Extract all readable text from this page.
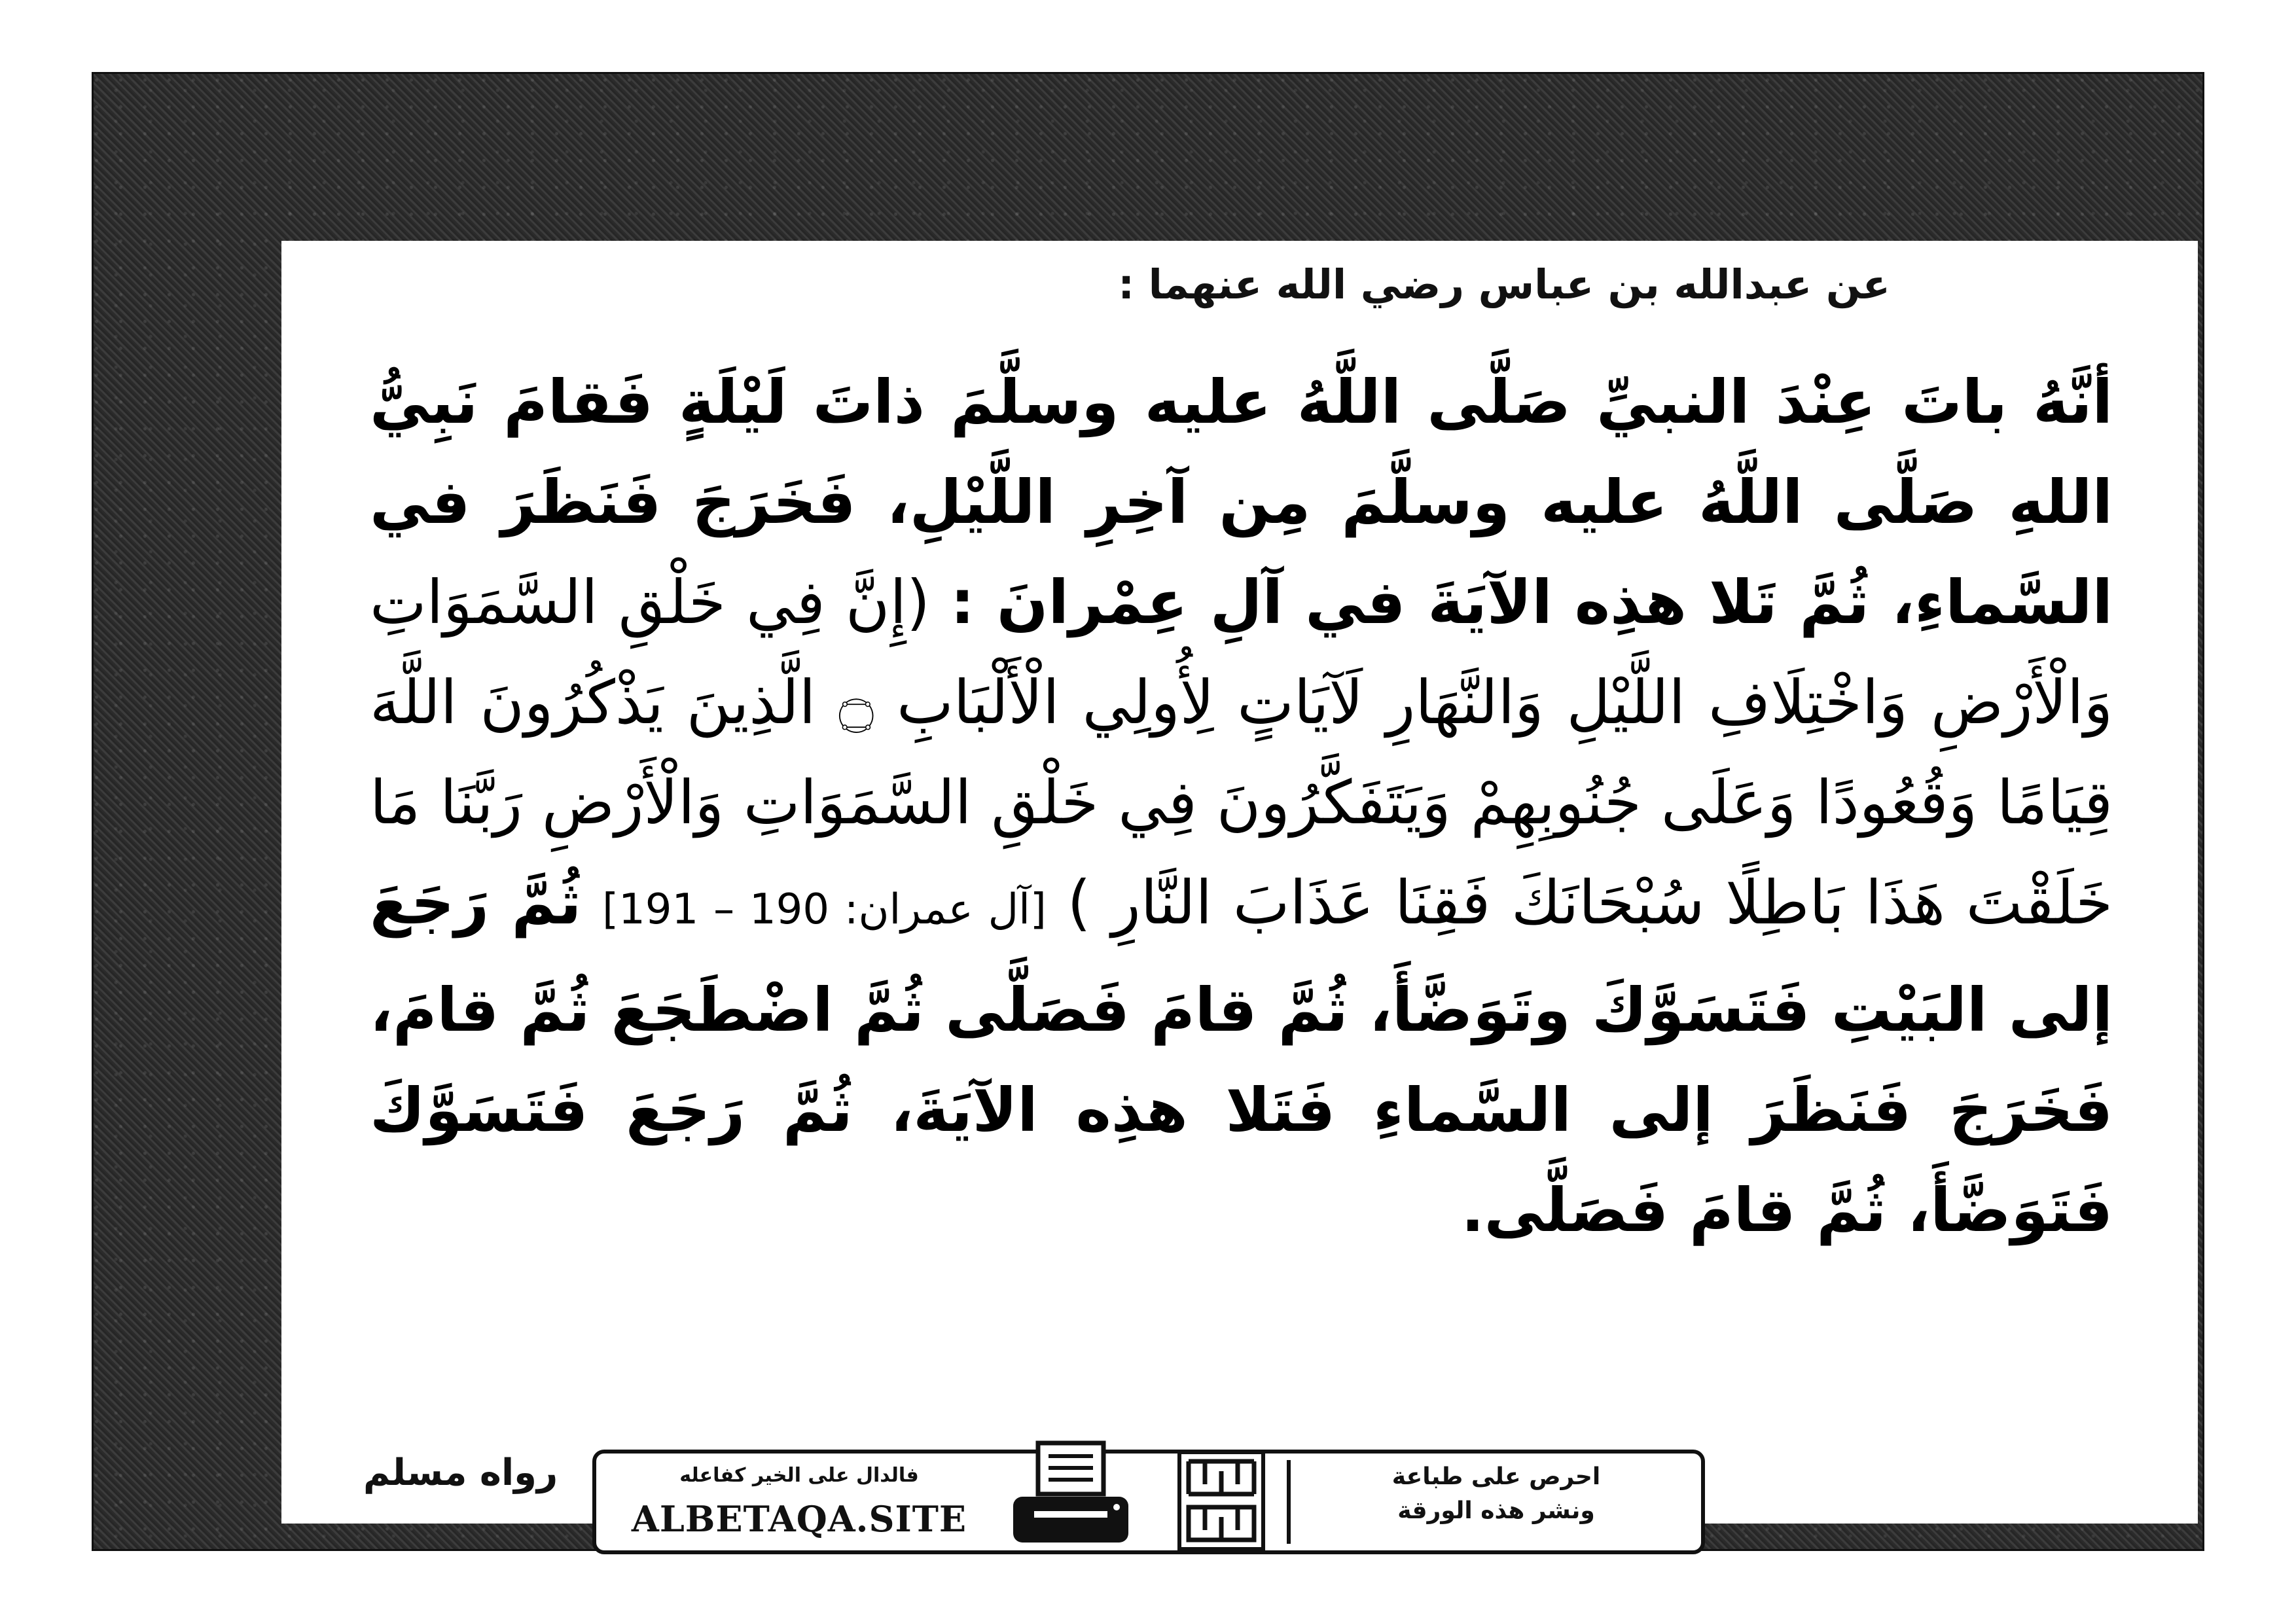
عن عبدالله بن عباس رضي الله عنهما :
أنَّهُ باتَ عِنْدَ النبيِّ صَلَّى اللَّهُ عليه وسلَّمَ ذاتَ لَيْلَةٍ فَقامَ نَبِيُّ اللهِ صَلَّى اللَّهُ عليه وسلَّمَ مِن آخِرِ اللَّيْلِ، فَخَرَجَ فَنَظَرَ في السَّماءِ، ثُمَّ تَلا هذِه الآيَةَ في آلِ عِمْرانَ : (إِنَّ فِي خَلْقِ السَّمَوَاتِ وَالْأَرْضِ وَاخْتِلَافِ اللَّيْلِ وَالنَّهَارِ لَآيَاتٍ لِأُولِي الْأَلْبَابِ ۝ الَّذِينَ يَذْكُرُونَ اللَّهَ قِيَامًا وَقُعُودًا وَعَلَى جُنُوبِهِمْ وَيَتَفَكَّرُونَ فِي خَلْقِ السَّمَوَاتِ وَالْأَرْضِ رَبَّنَا مَا خَلَقْتَ هَذَا بَاطِلًا سُبْحَانَكَ فَقِنَا عَذَابَ النَّارِ ) [آل عمران: 190 – 191] ثُمَّ رَجَعَ إلى البَيْتِ فَتَسَوَّكَ وتَوَضَّأَ، ثُمَّ قامَ فَصَلَّى ثُمَّ اضْطَجَعَ ثُمَّ قامَ، فَخَرَجَ فَنَظَرَ إلى السَّماءِ فَتَلا هذِه الآيَةَ، ثُمَّ رَجَعَ فَتَسَوَّكَ فَتَوَضَّأَ، ثُمَّ قامَ فَصَلَّى.
رواه مسلم	فالدال على الخير كفاعله
ALBETAQA.SITE
احرص على طباعة
ونشر هذه الورقة
